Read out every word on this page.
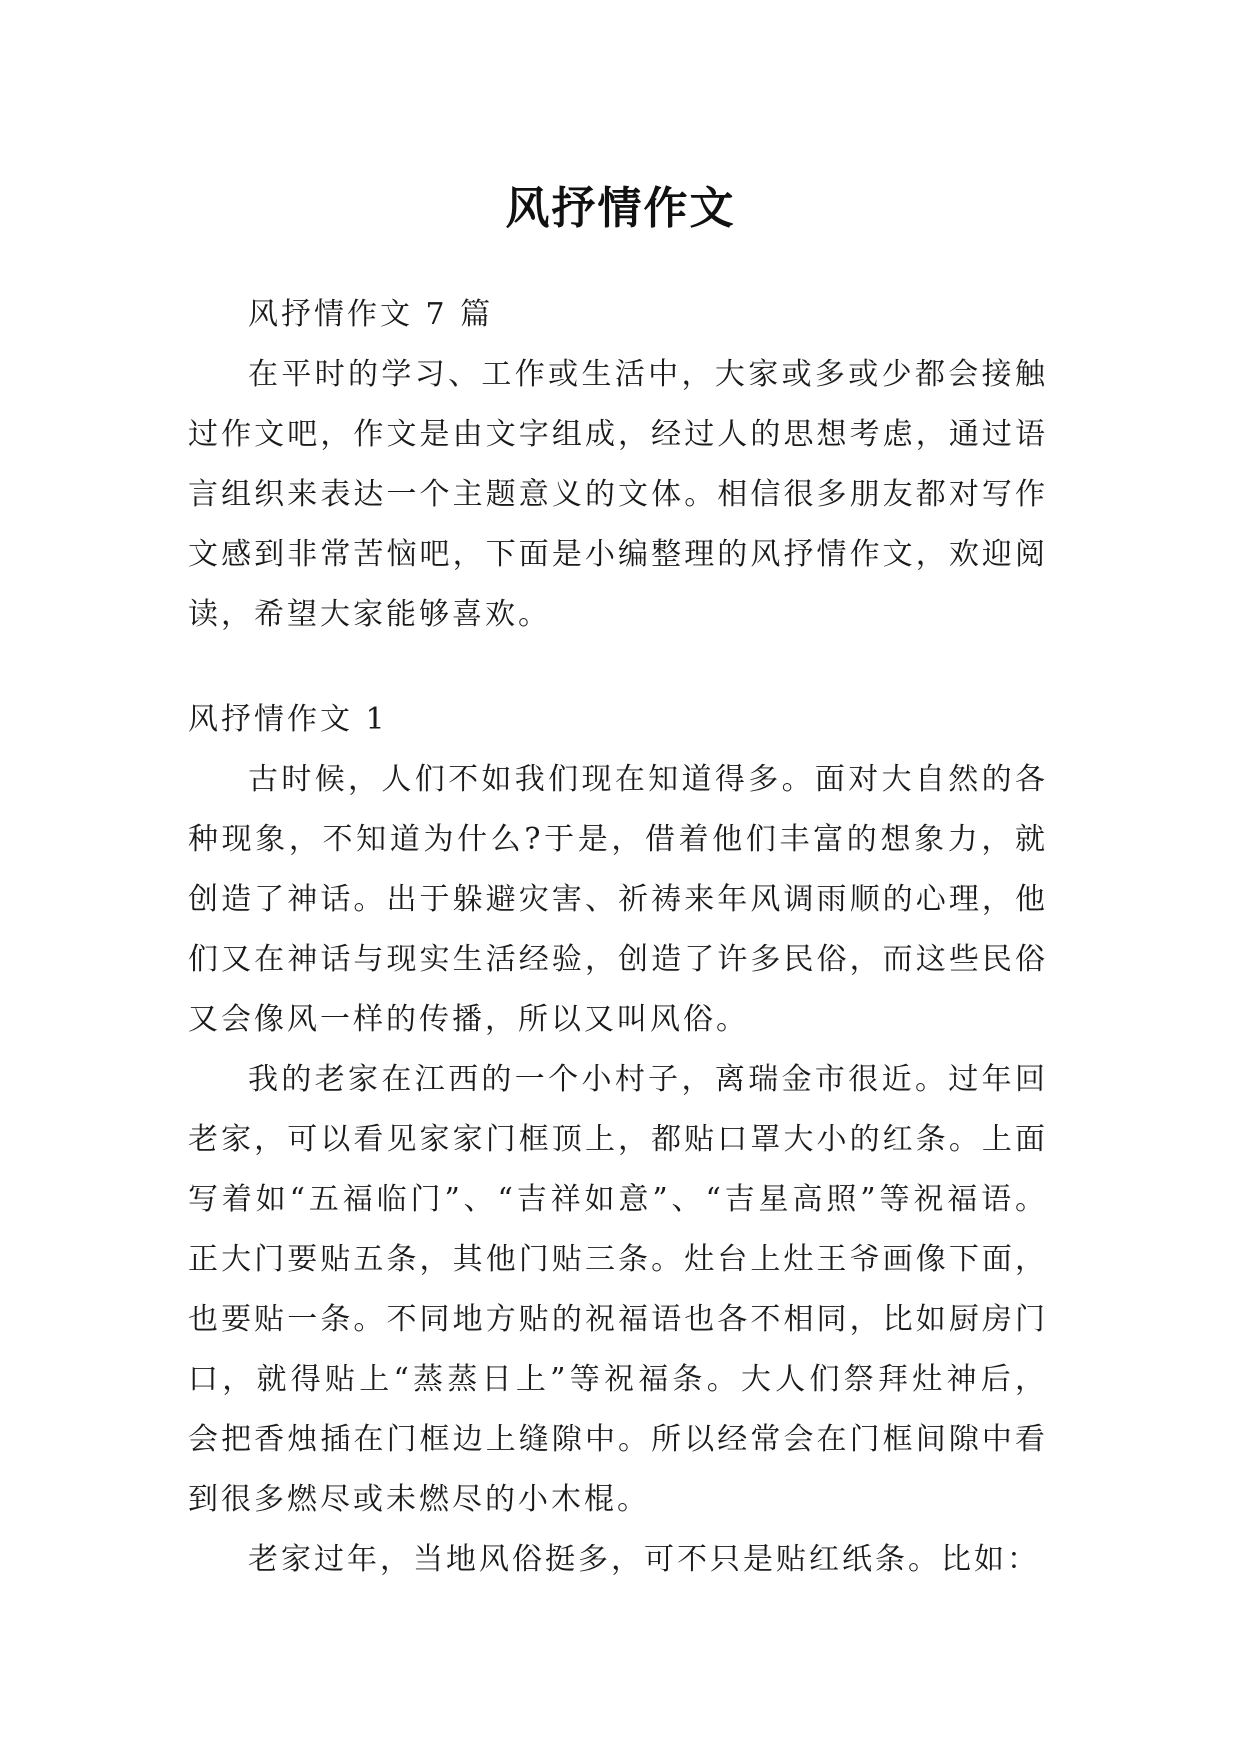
风抒情作文

风抒情作文 7 篇

在平时的学习、工作或生活中，大家或多或少都会接触过作文吧，作文是由文字组成，经过人的思想考虑，通过语言组织来表达一个主题意义的文体。相信很多朋友都对写作文感到非常苦恼吧，下面是小编整理的风抒情作文，欢迎阅读，希望大家能够喜欢。

风抒情作文 1

古时候，人们不如我们现在知道得多。面对大自然的各种现象，不知道为什么?于是，借着他们丰富的想象力，就创造了神话。出于躲避灾害、祈祷来年风调雨顺的心理，他们又在神话与现实生活经验，创造了许多民俗，而这些民俗又会像风一样的传播，所以又叫风俗。

我的老家在江西的一个小村子，离瑞金市很近。过年回老家，可以看见家家门框顶上，都贴口罩大小的红条。上面写着如“五福临门”、“吉祥如意”、“吉星高照”等祝福语。正大门要贴五条，其他门贴三条。灶台上灶王爷画像下面，也要贴一条。不同地方贴的祝福语也各不相同，比如厨房门口，就得贴上“蒸蒸日上”等祝福条。大人们祭拜灶神后，会把香烛插在门框边上缝隙中。所以经常会在门框间隙中看到很多燃尽或未燃尽的小木棍。

老家过年，当地风俗挺多，可不只是贴红纸条。比如：
